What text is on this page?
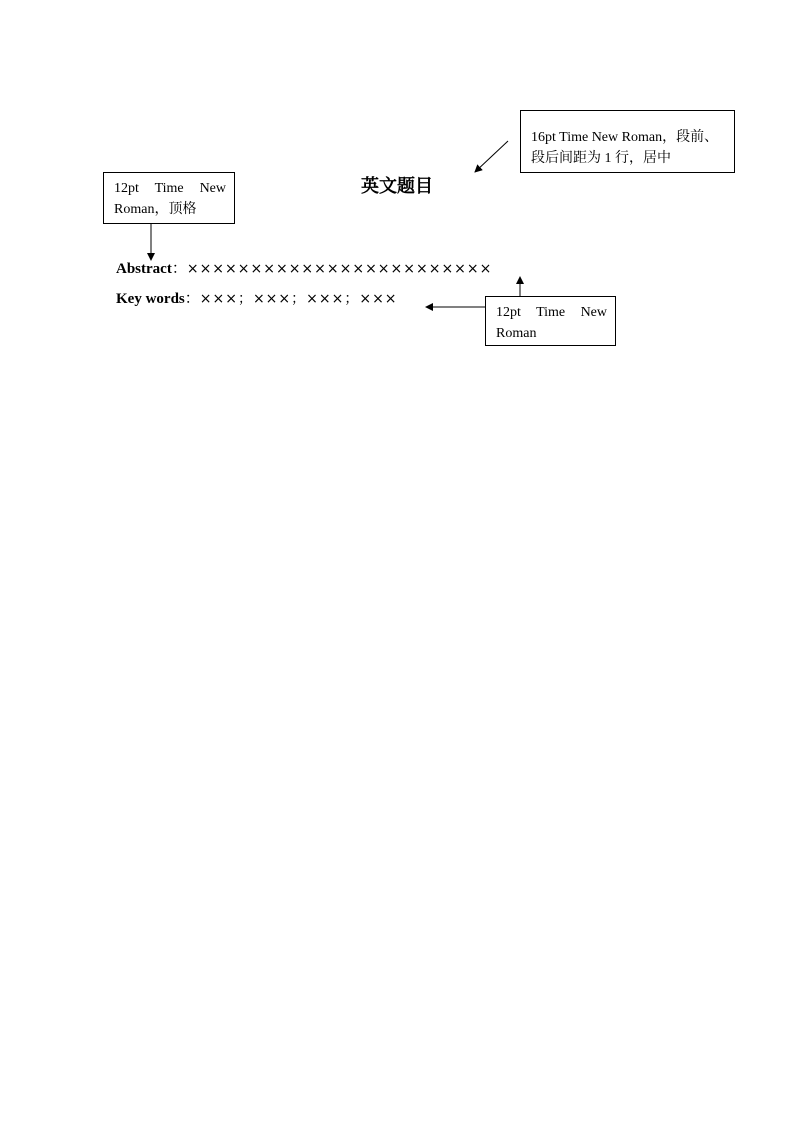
英文题目
16pt Time New Roman，段前、
段后间距为 1 行，居中
12pt Time New
Roman，顶格
12pt Time New
Roman
Abstract：××××××××××××××××××××××××
Key words：×××；×××；×××；×××
